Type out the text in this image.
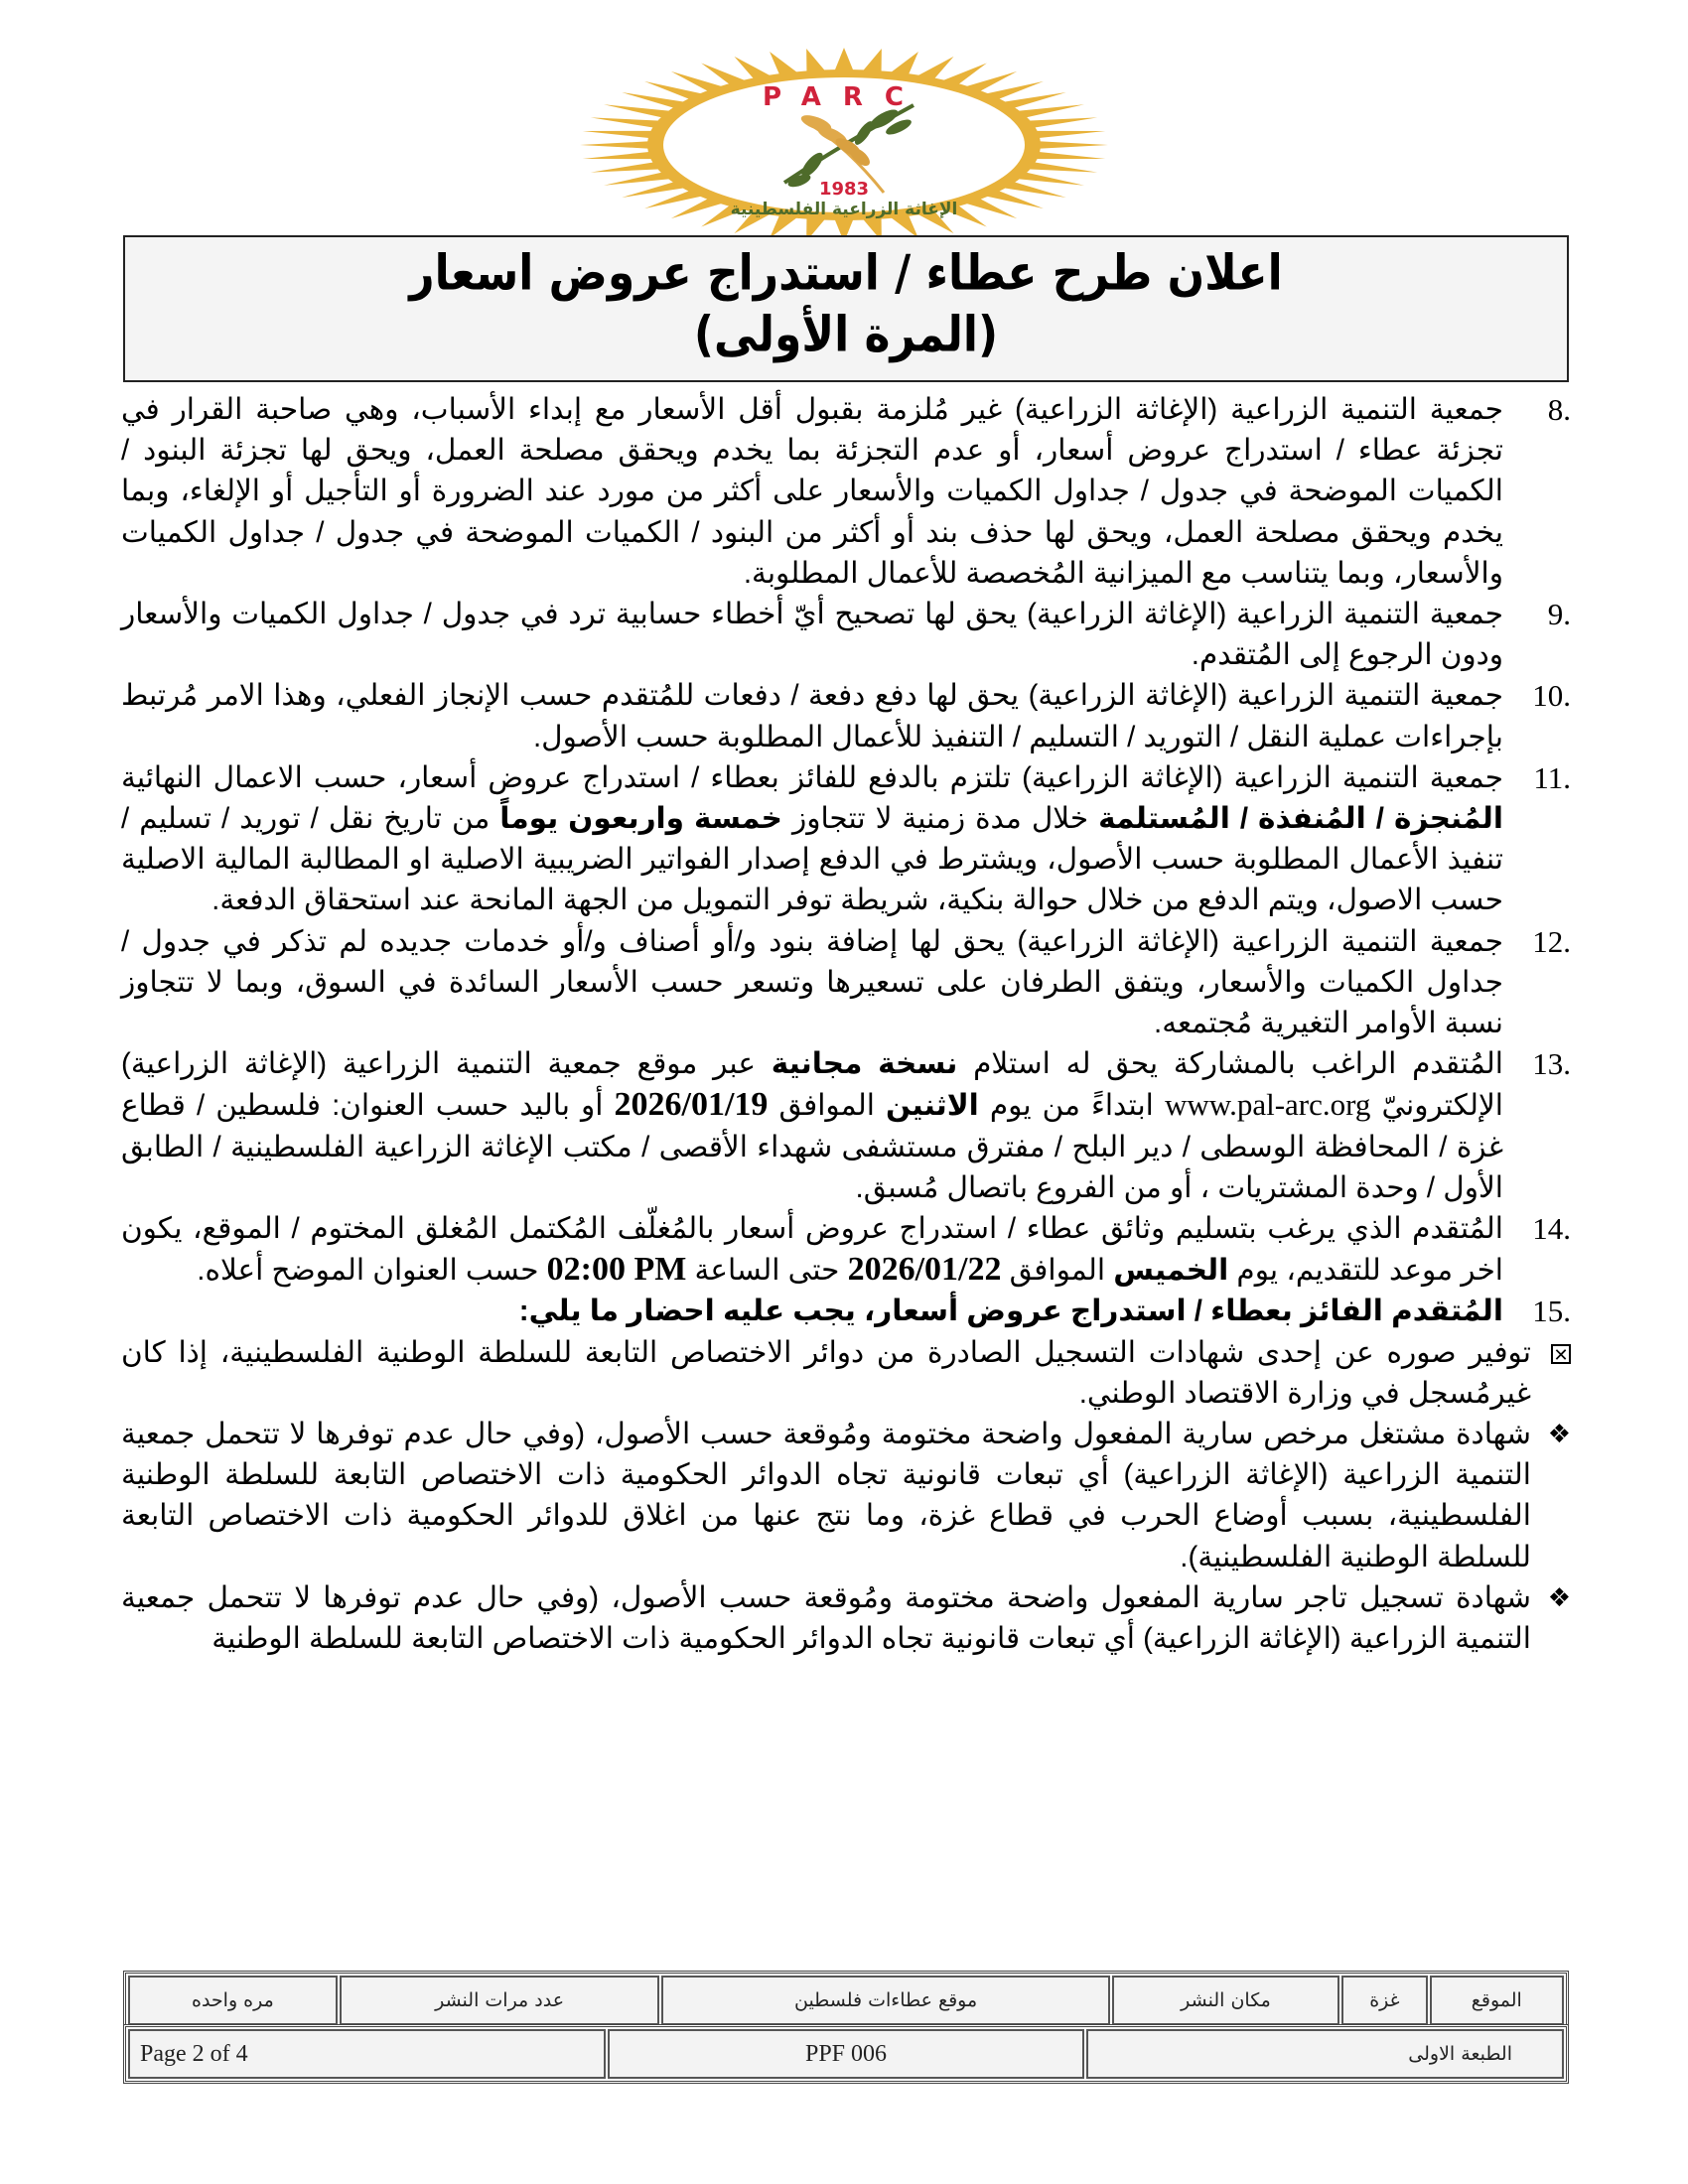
PARC
1983
الإغاثة الزراعية الفلسطينية

اعلان طرح عطاء / استدراج عروض اسعار

(المرة الأولى)

8.
جمعية التنمية الزراعية (الإغاثة الزراعية) غير مُلزمة بقبول أقل الأسعار مع إبداء الأسباب، وهي صاحبة القرار في تجزئة عطاء / استدراج عروض أسعار، أو عدم التجزئة بما يخدم ويحقق مصلحة العمل، ويحق لها تجزئة البنود / الكميات الموضحة في جدول / جداول الكميات والأسعار على أكثر من مورد عند الضرورة أو التأجيل أو الإلغاء، وبما يخدم ويحقق مصلحة العمل، ويحق لها حذف بند أو أكثر من البنود / الكميات الموضحة في جدول / جداول الكميات والأسعار، وبما يتناسب مع الميزانية المُخصصة للأعمال المطلوبة.
9.
جمعية التنمية الزراعية (الإغاثة الزراعية) يحق لها تصحيح أيّ أخطاء حسابية ترد في جدول / جداول الكميات والأسعار ودون الرجوع إلى المُتقدم.
10.
جمعية التنمية الزراعية (الإغاثة الزراعية) يحق لها دفع دفعة / دفعات للمُتقدم حسب الإنجاز الفعلي، وهذا الامر مُرتبط بإجراءات عملية النقل / التوريد / التسليم / التنفيذ للأعمال المطلوبة حسب الأصول.
11.
جمعية التنمية الزراعية (الإغاثة الزراعية) تلتزم بالدفع للفائز بعطاء / استدراج عروض أسعار، حسب الاعمال النهائية المُنجزة / المُنفذة / المُستلمة خلال مدة زمنية لا تتجاوز خمسة واربعون يوماً من تاريخ نقل / توريد / تسليم / تنفيذ الأعمال المطلوبة حسب الأصول، ويشترط في الدفع إصدار الفواتير الضريبية الاصلية او المطالبة المالية الاصلية حسب الاصول، ويتم الدفع من خلال حوالة بنكية، شريطة توفر التمويل من الجهة المانحة عند استحقاق الدفعة.
12.
جمعية التنمية الزراعية (الإغاثة الزراعية) يحق لها إضافة بنود و/أو أصناف و/أو خدمات جديده لم تذكر في جدول / جداول الكميات والأسعار، ويتفق الطرفان على تسعيرها وتسعر حسب الأسعار السائدة في السوق، وبما لا تتجاوز نسبة الأوامر التغيرية مُجتمعه.
13.
المُتقدم الراغب بالمشاركة يحق له استلام نسخة مجانية عبر موقع جمعية التنمية الزراعية (الإغاثة الزراعية) الإلكترونيّ www.pal-arc.org ابتداءً من يوم الاثنين الموافق 2026/01/19 أو باليد حسب العنوان: فلسطين / قطاع غزة / المحافظة الوسطى / دير البلح / مفترق مستشفى شهداء الأقصى / مكتب الإغاثة الزراعية الفلسطينية / الطابق الأول / وحدة المشتريات ، أو من الفروع باتصال مُسبق.
14.
المُتقدم الذي يرغب بتسليم وثائق عطاء / استدراج عروض أسعار بالمُغلّف المُكتمل المُغلق المختوم / الموقع، يكون اخر موعد للتقديم، يوم الخميس الموافق 2026/01/22 حتى الساعة 02:00 PM حسب العنوان الموضح أعلاه.
15.
المُتقدم الفائز بعطاء / استدراج عروض أسعار، يجب عليه احضار ما يلي:
✕
توفير صوره عن إحدى شهادات التسجيل الصادرة من دوائر الاختصاص التابعة للسلطة الوطنية الفلسطينية، إذا كان غيرمُسجل في وزارة الاقتصاد الوطني.
❖
شهادة مشتغل مرخص سارية المفعول واضحة مختومة ومُوقعة حسب الأصول، (وفي حال عدم توفرها لا تتحمل جمعية التنمية الزراعية (الإغاثة الزراعية) أي تبعات قانونية تجاه الدوائر الحكومية ذات الاختصاص التابعة للسلطة الوطنية الفلسطينية، بسبب أوضاع الحرب في قطاع غزة، وما نتج عنها من اغلاق للدوائر الحكومية ذات الاختصاص التابعة للسلطة الوطنية الفلسطينية).
❖
شهادة تسجيل تاجر سارية المفعول واضحة مختومة ومُوقعة حسب الأصول، (وفي حال عدم توفرها لا تتحمل جمعية التنمية الزراعية (الإغاثة الزراعية) أي تبعات قانونية تجاه الدوائر الحكومية ذات الاختصاص التابعة للسلطة الوطنية
الموقع	غزة	مكان النشر	موقع عطاءات فلسطين	عدد مرات النشر	مره واحده
الطبعة الاولى	PPF 006	Page 2 of 4
